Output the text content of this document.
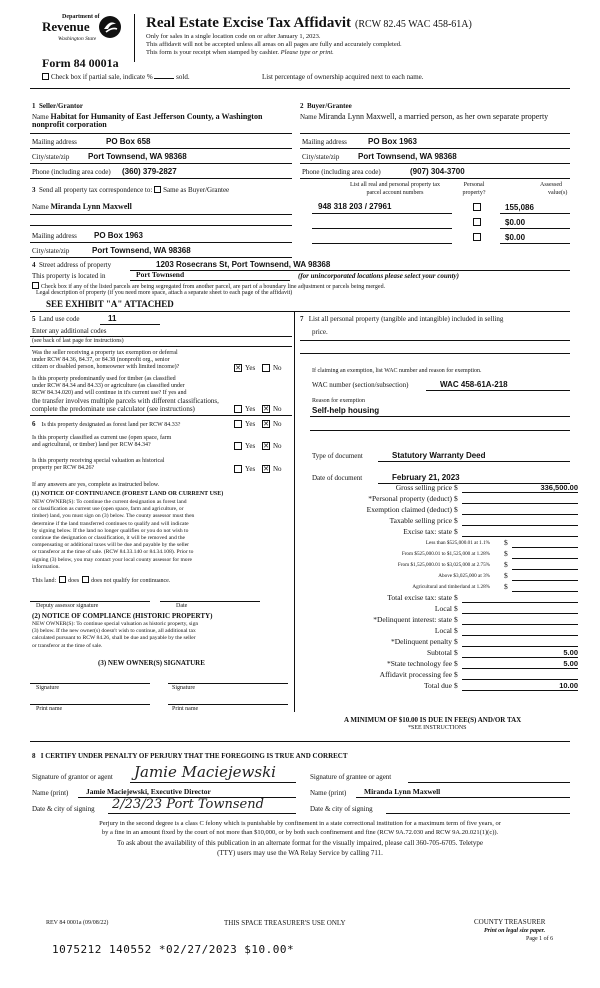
Department of
Revenue
Washington State
Form 84 0001a
Real Estate Excise Tax Affidavit (RCW 82.45 WAC 458-61A)
Only for sales in a single location code on or after January 1, 2023.
This affidavit will not be accepted unless all areas on all pages are fully and accurately completed.
This form is your receipt when stamped by cashier. Please type or print.
Check box if partial sale, indicate %	sold.	List percentage of ownership acquired next to each name.
1 Seller/Grantor
Name Habitat for Humanity of East Jefferson County, a Washington nonprofit corporation
Mailing address	PO Box 658
City/state/zip Port Townsend, WA 98368
Phone (including area code) (360) 379-2827
2 Buyer/Grantee
Name Miranda Lynn Maxwell, a married person, as her own separate property
Mailing address	PO Box 1963
City/state/zip Port Townsend, WA 98368
Phone (including area code)	(907) 304-3700
3 Send all property tax correspondence to: Same as Buyer/Grantee
Name Miranda Lynn Maxwell
Mailing address PO Box 1963
City/state/zip	Port Townsend, WA 98368
List all real and personal property tax
parcel account numbers
Personal
property?
Assessed
value(s)
948 318 203 / 27961	155,086
$0.00
$0.00
4 Street address of property	1203 Rosecrans St, Port Townsend, WA 98368
This property is located in	Port Townsend	(for unincorporated locations please select your county)
Check box if any of the listed parcels are being segregated from another parcel, are part of a boundary line adjustment or parcels being merged.
Legal description of property (if you need more space, attach a separate sheet to each page of the affidavit)
SEE EXHIBIT "A" ATTACHED
5 Land use code	11
Enter any additional codes
(see back of last page for instructions)
Was the seller receiving a property tax exemption or deferral
under RCW 84.36, 84.37, or 84.38 (nonprofit org., senior
citizen or disabled person, homeowner with limited income)?	✕ Yes	No
Is this property predominantly used for timber (as classified
under RCW 84.34 and 84.33) or agriculture (as classified under
RCW 84.34.020) and will continue in it's current use? If yes and
the transfer involves multiple parcels with different classifications,
complete the predominate use calculator (see instructions)	Yes ✕ No
6 Is this property designated as forest land per RCW 84.33?	Yes ✕ No
Is this property classified as current use (open space, farm
and agricultural, or timber) land per RCW 84.34?	Yes ✕ No
Is this property receiving special valuation as historical
property per RCW 84.26?	Yes ✕ No
If any answers are yes, complete as instructed below.
(1) NOTICE OF CONTINUANCE (FOREST LAND OR CURRENT USE)
NEW OWNER(S): To continue the current designation as forest land
or classification as current use (open space, farm and agriculture, or
timber) land, you must sign on (3) below. The county assessor must then
determine if the land transferred continues to qualify and will indicate
by signing below. If the land no longer qualifies or you do not wish to
continue the designation or classification, it will be removed and the
compensating or additional taxes will be due and payable by the seller
or transferor at the time of sale. (RCW 84.33.140 or 84.34.108). Prior to
signing (3) below, you may contact your local county assessor for more
information.
This land: does does not qualify for continuance.
Deputy assessor signature	Date
(2) NOTICE OF COMPLIANCE (HISTORIC PROPERTY)
NEW OWNER(S): To continue special valuation as historic property, sign
(3) below. If the new owner(s) doesn't wish to continue, all additional tax
calculated pursuant to RCW 84.26, shall be due and payable by the seller
or transferor at the time of sale.
(3) NEW OWNER(S) SIGNATURE
Signature	Signature
Print name	Print name
7 List all personal property (tangible and intangible) included in selling
price.
If claiming an exemption, list WAC number and reason for exemption.
WAC number (section/subsection)	WAC 458-61A-218
Reason for exemption
Self-help housing
Type of document	Statutory Warranty Deed
Date of document	February 21, 2023
Gross selling price $	336,500.00
*Personal property (deduct) $
Exemption claimed (deduct) $
Taxable selling price $
Excise tax: state $
Less than $525,000.01 at 1.1% $
From $525,000.01 to $1,525,000 at 1.28% $
From $1,525,000.01 to $3,025,000 at 2.75% $
Above $3,025,000 at 3% $
Agricultural and timberland at 1.28% $
Total excise tax: state $
Local $
*Delinquent interest: state $
Local $
*Delinquent penalty $
Subtotal $	5.00
*State technology fee $	5.00
Affidavit processing fee $
Total due $	10.00
A MINIMUM OF $10.00 IS DUE IN FEE(S) AND/OR TAX
*SEE INSTRUCTIONS
8 I CERTIFY UNDER PENALTY OF PERJURY THAT THE FOREGOING IS TRUE AND CORRECT
Signature of grantor or agent Jamie Maciejewski	Signature of grantee or agent
Name (print) Jamie Maciejewski, Executive Director	Name (print) Miranda Lynn Maxwell
Date & city of signing 2/23/23 Port Townsend	Date & city of signing
Perjury in the second degree is a class C felony which is punishable by confinement in a state correctional institution for a maximum term of five years, or
by a fine in an amount fixed by the court of not more than $10,000, or by both such confinement and fine (RCW 9A.72.030 and RCW 9A.20.021(1)(c)).
To ask about the availability of this publication in an alternate format for the visually impaired, please call 360-705-6705. Teletype
(TTY) users may use the WA Relay Service by calling 711.
REV 84 0001a (09/08/22)	THIS SPACE TREASURER'S USE ONLY	COUNTY TREASURER
Print on legal size paper.
Page 1 of 6
1075212 140552 *02/27/2023 $10.00*
